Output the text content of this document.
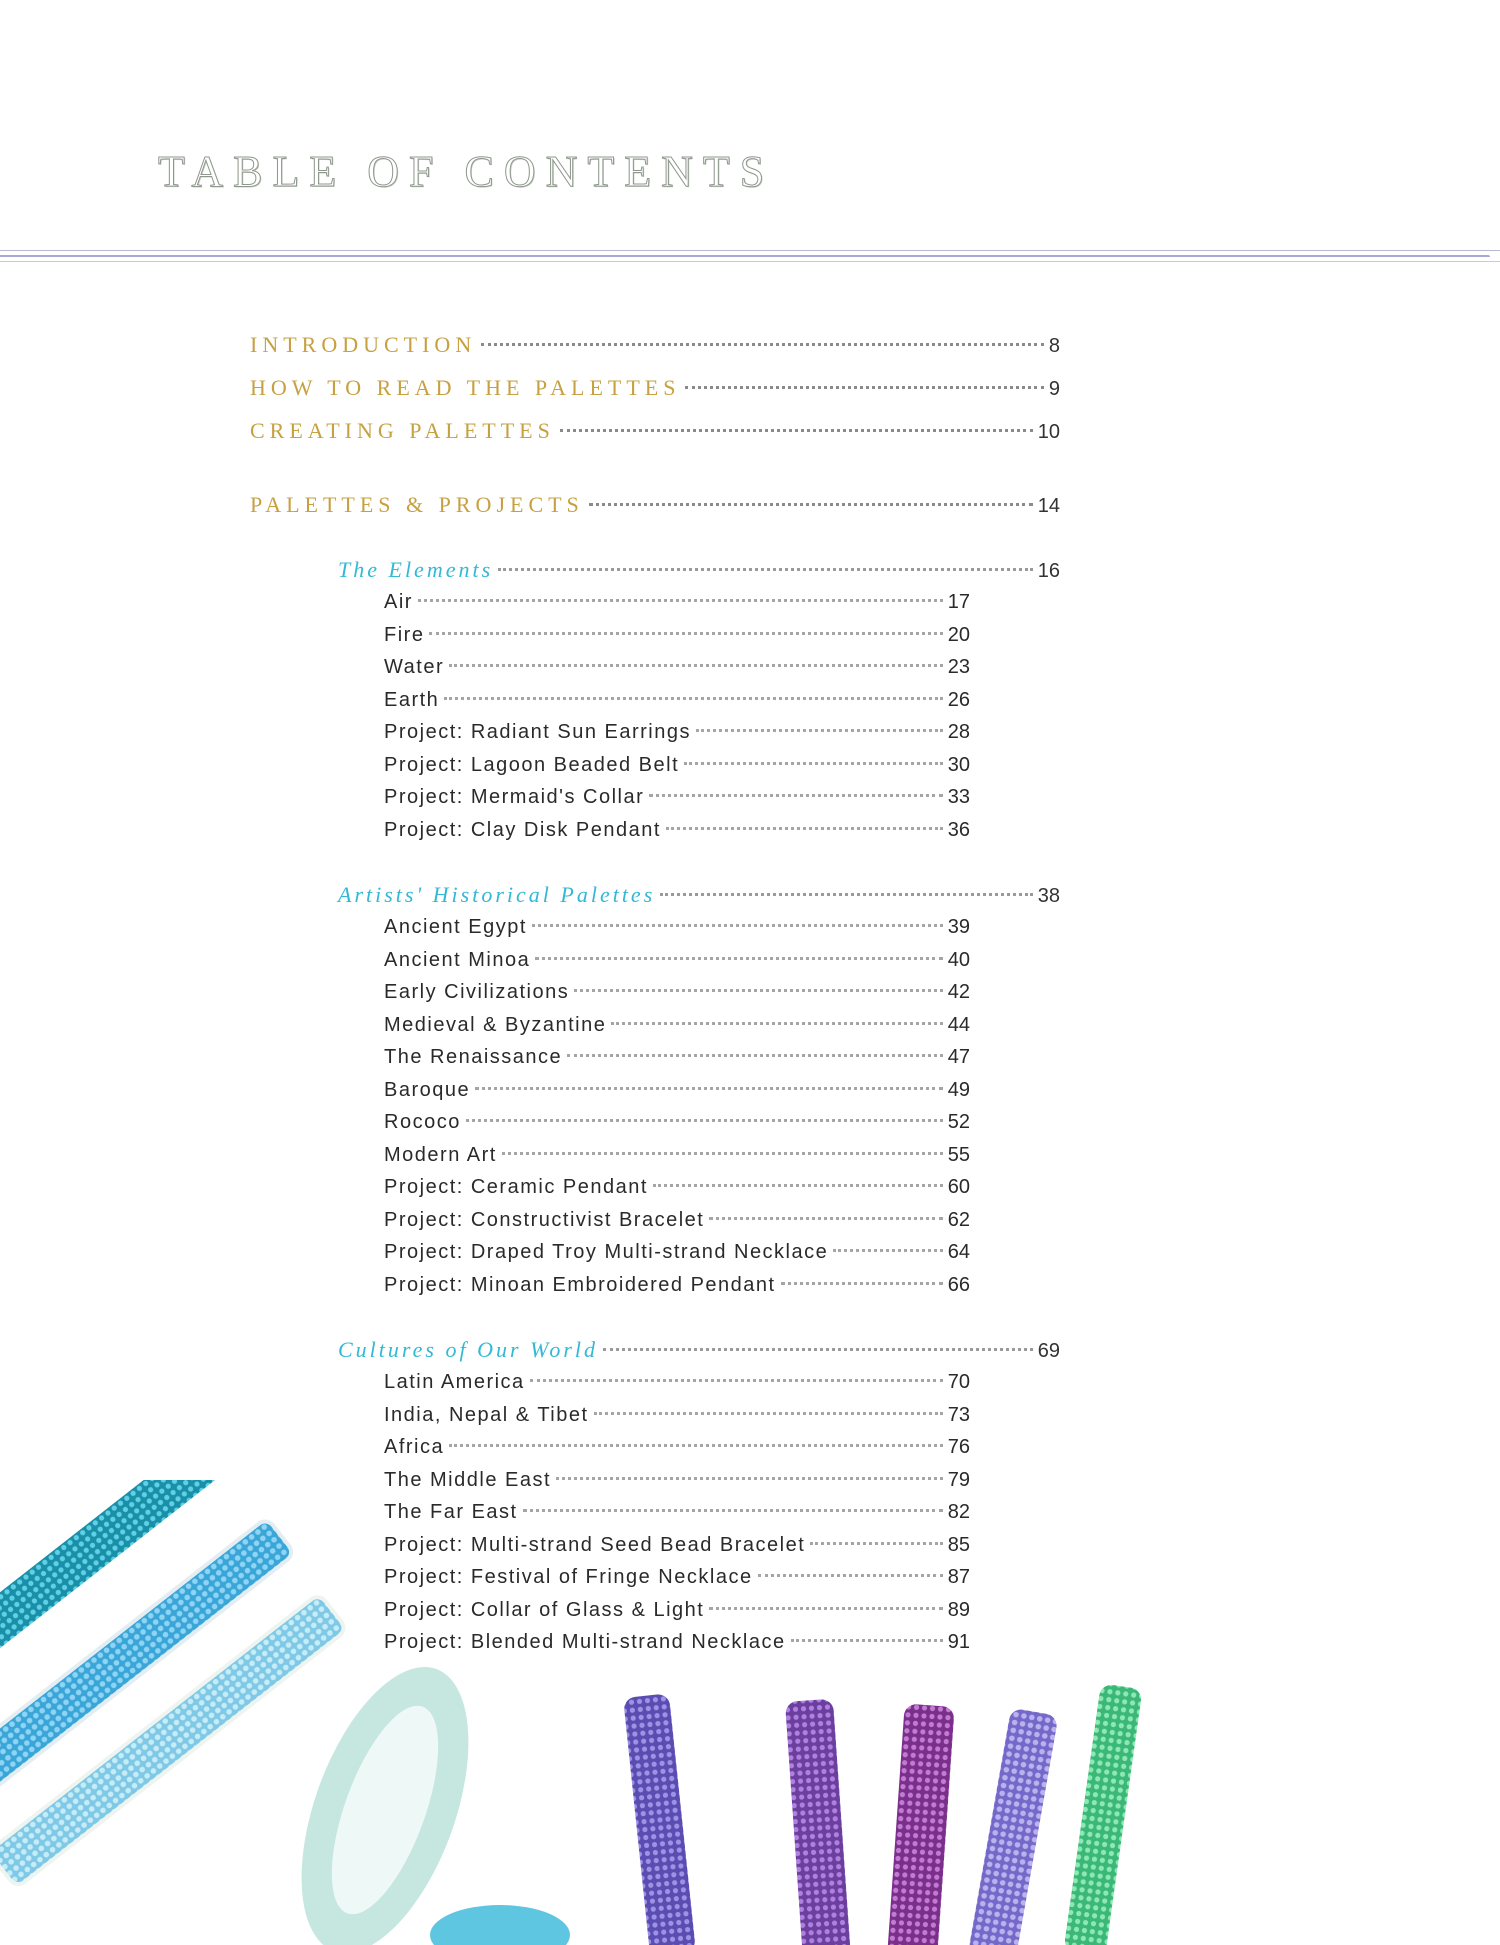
TABLE OF CONTENTS
INTRODUCTION	8
HOW TO READ THE PALETTES	9
CREATING PALETTES	10
PALETTES & PROJECTS	14
The Elements	16
Air	17
Fire	20
Water	23
Earth	26
Project: Radiant Sun Earrings	28
Project: Lagoon Beaded Belt	30
Project: Mermaid's Collar	33
Project: Clay Disk Pendant	36
Artists' Historical Palettes	38
Ancient Egypt	39
Ancient Minoa	40
Early Civilizations	42
Medieval & Byzantine	44
The Renaissance	47
Baroque	49
Rococo	52
Modern Art	55
Project: Ceramic Pendant	60
Project: Constructivist Bracelet	62
Project: Draped Troy Multi-strand Necklace	64
Project: Minoan Embroidered Pendant	66
Cultures of Our World	69
Latin America	70
India, Nepal & Tibet	73
Africa	76
The Middle East	79
The Far East	82
Project: Multi-strand Seed Bead Bracelet	85
Project: Festival of Fringe Necklace	87
Project: Collar of Glass & Light	89
Project: Blended Multi-strand Necklace	91
